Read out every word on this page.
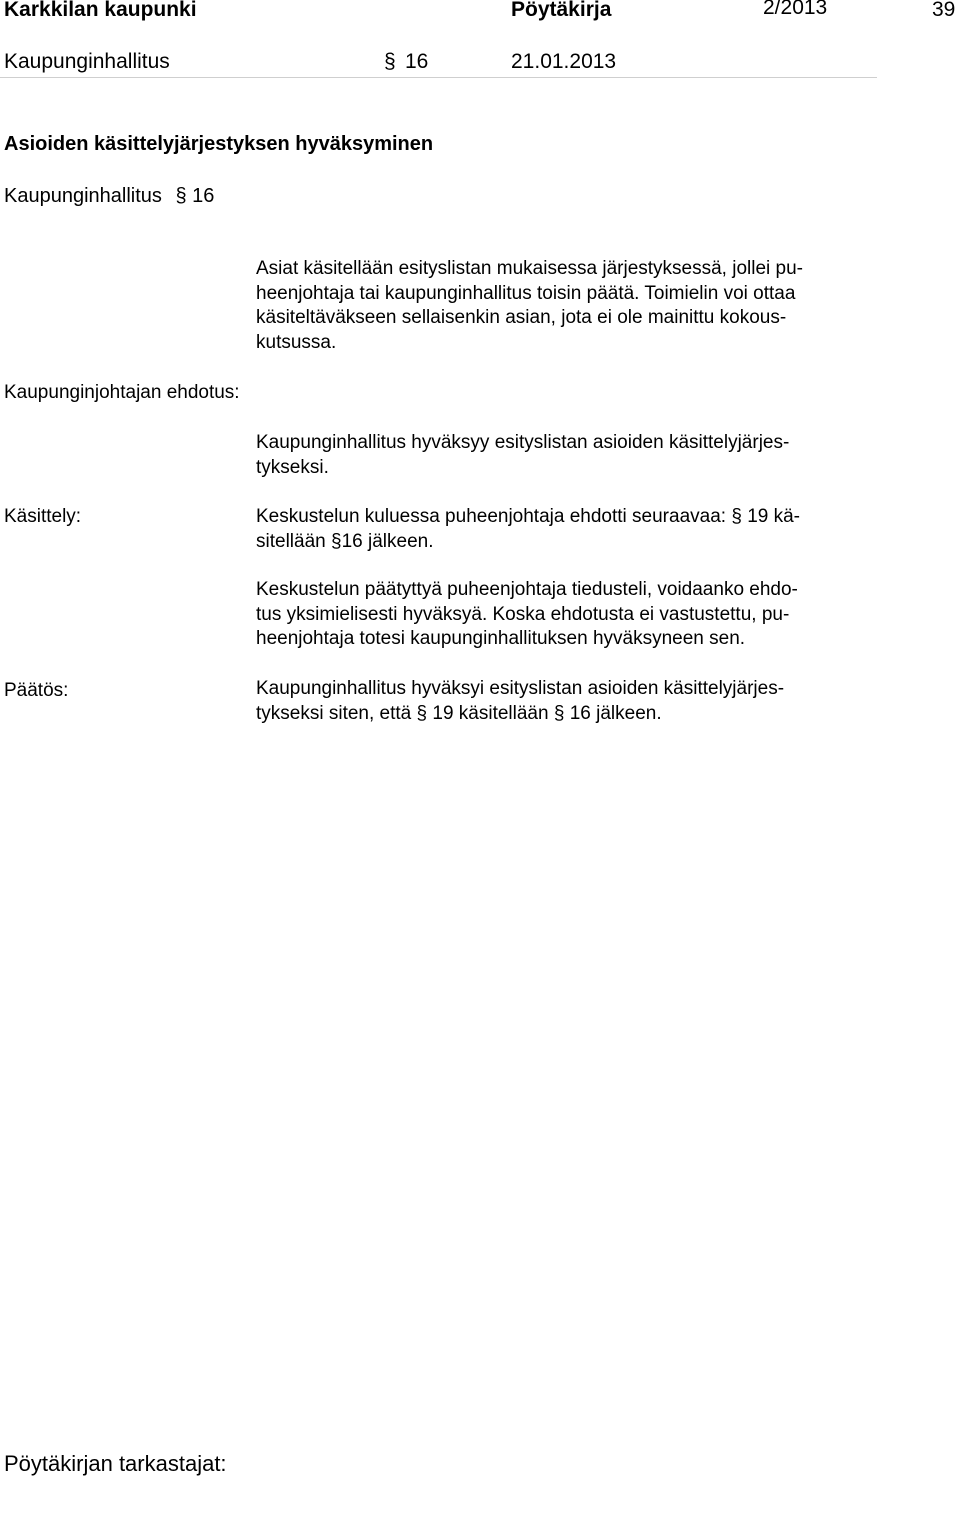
Karkkilan kaupunki	Pöytäkirja	2/2013	39
Kaupunginhallitus	§ 16	21.01.2013
Asioiden käsittelyjärjestyksen hyväksyminen
Kaupunginhallitus § 16
Asiat käsitellään esityslistan mukaisessa järjestyksessä, jollei pu-
heenjohtaja tai kaupunginhallitus toisin päätä. Toimielin voi ottaa
käsiteltäväkseen sellaisenkin asian, jota ei ole mainittu kokous-
kutsussa.
Kaupunginjohtajan ehdotus:
Kaupunginhallitus hyväksyy esityslistan asioiden käsittelyjärjes-
tykseksi.
Käsittely:	Keskustelun kuluessa puheenjohtaja ehdotti seuraavaa: § 19 kä-
sitellään §16 jälkeen.
Keskustelun päätyttyä puheenjohtaja tiedusteli, voidaanko ehdo-
tus yksimielisesti hyväksyä. Koska ehdotusta ei vastustettu, pu-
heenjohtaja totesi kaupunginhallituksen hyväksyneen sen.
Päätös:	Kaupunginhallitus hyväksyi esityslistan asioiden käsittelyjärjes-
tykseksi siten, että § 19 käsitellään § 16 jälkeen.
Pöytäkirjan tarkastajat:
